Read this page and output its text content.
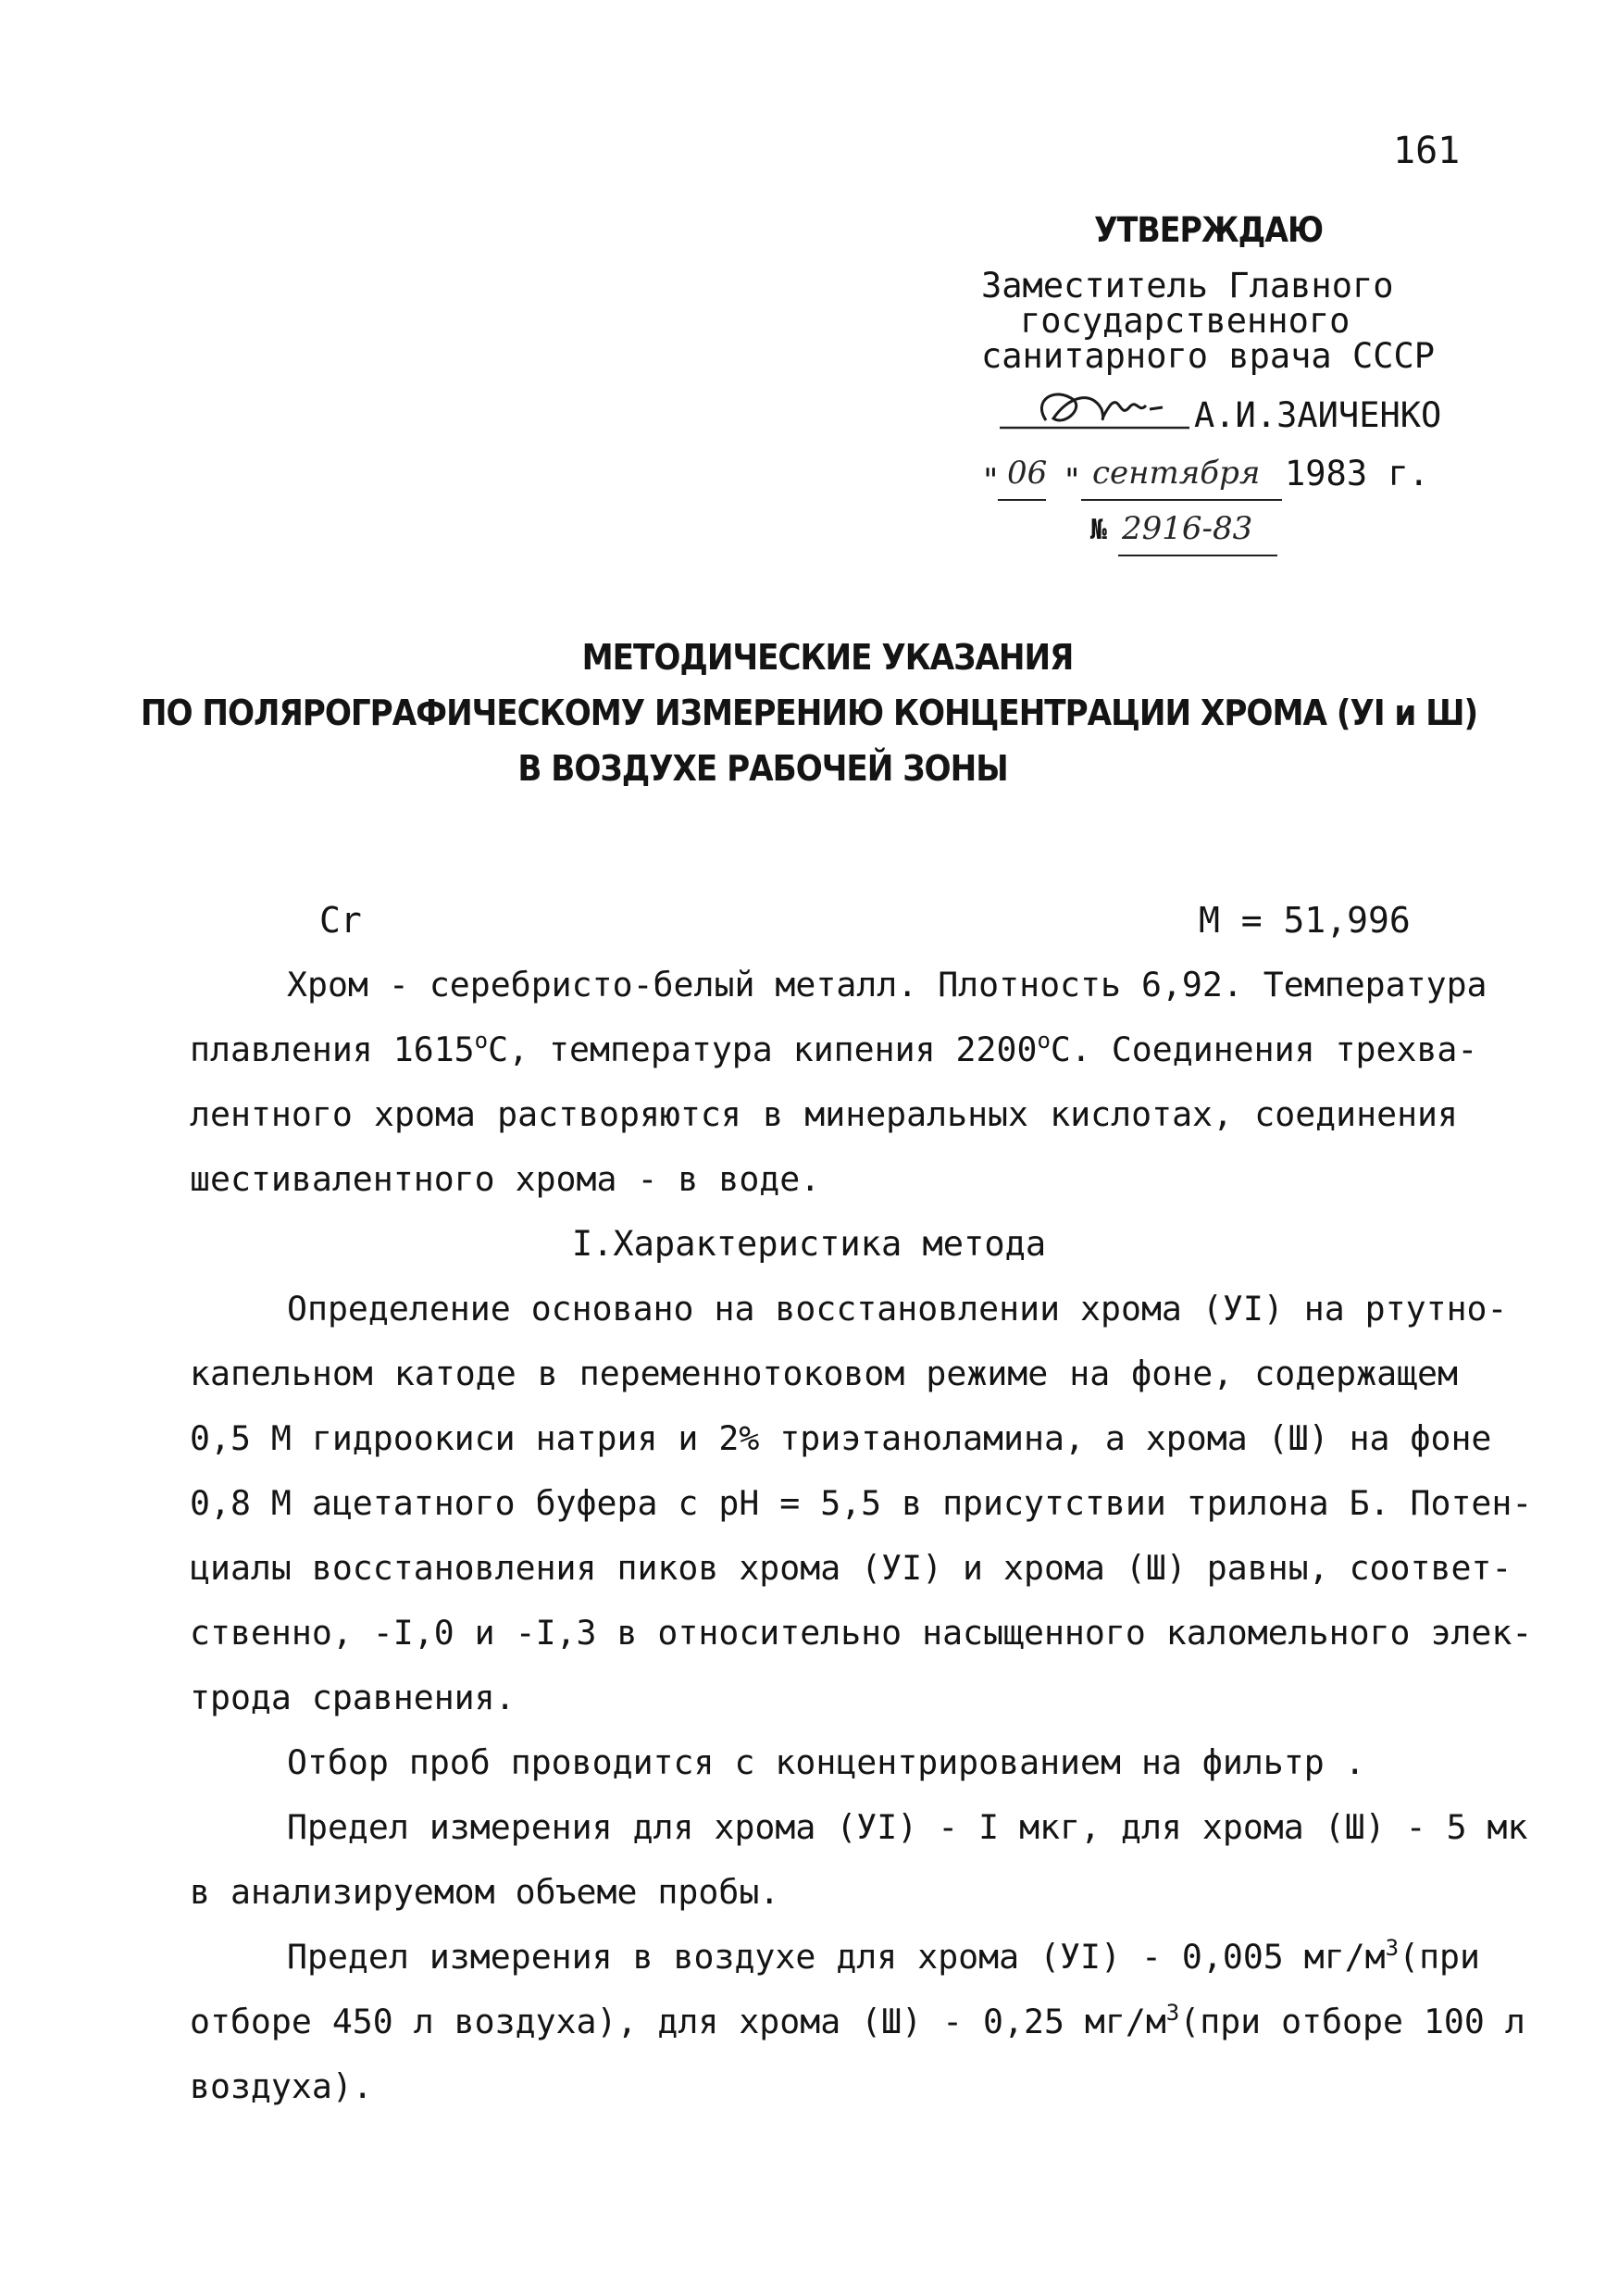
161
УТВЕРЖДАЮ
Заместитель Главного
государственного
санитарного врача СССР
А.И.ЗАИЧЕНКО
" "
06 сентября 1983 г.
№ 2916-83
МЕТОДИЧЕСКИЕ УКАЗАНИЯ
ПО ПОЛЯРОГРАФИЧЕСКОМУ ИЗМЕРЕНИЮ КОНЦЕНТРАЦИИ ХРОМА (УI и Ш)
В ВОЗДУХЕ РАБОЧЕЙ ЗОНЫ
Cr	М = 51,996
Хром - серебристо-белый металл. Плотность 6,92. Температура
плавления $1615^оС$, температура кипения $2200^оС$. Соединения трехва-
лентного хрома растворяются в минеральных кислотах, соединения
шестивалентного хрома - в воде.
I.Характеристика метода
Определение основано на восстановлении хрома (УI) на ртутно-
капельном катоде в переменнотоковом режиме на фоне, содержащем
0,5 М гидроокиси натрия и 2% триэтаноламина, а хрома (Ш) на фоне
0,8 М ацетатного буфера с рН = 5,5 в присутствии трилона Б. Потен-
циалы восстановления пиков хрома (УI) и хрома (Ш) равны, соответ-
ственно, -I,0 и -I,3 в относительно насыщенного каломельного элек-
трода сравнения.
Отбор проб проводится с концентрированием на фильтр .
Предел измерения для хрома (УI) - I мкг, для хрома (Ш) - 5 мк
в анализируемом объеме пробы.
Предел измерения в воздухе для хрома (УI) - 0,005 $мг/м^3(при$
отборе 450 л воздуха), для хрома (Ш) - 0,25 $мг/м^3(при$ отборе 100 л
воздуха).
